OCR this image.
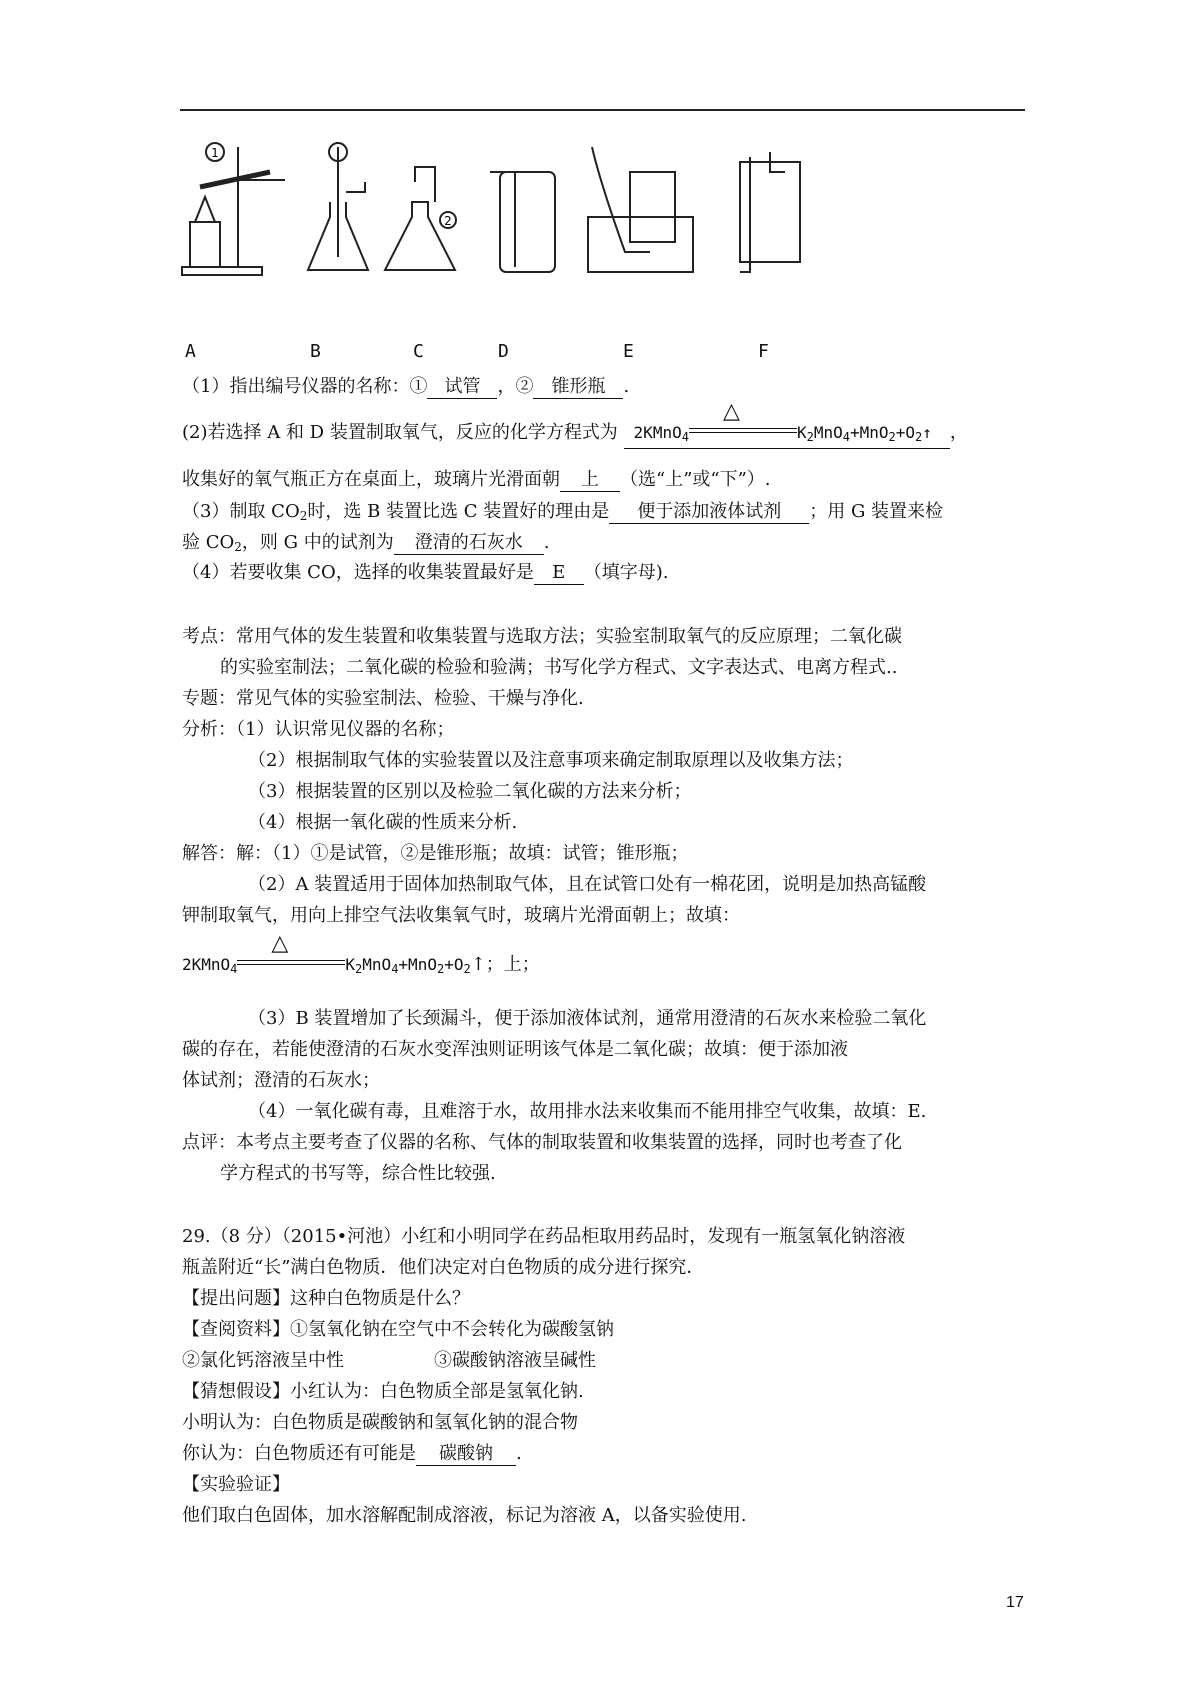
1
2
A	B	C	D	E	F
（1）指出编号仪器的名称：① 试管 ，② 锥形瓶 .
(2)若选择 A 和 D 装置制取氧气，反应的化学方程式为 2KMnO$_4$
△
$K_2MnO_4+MnO_2+O_2↑$ ，
收集好的氧气瓶正方在桌面上，玻璃片光滑面朝 上 （选“上”或“下”）.
（3）制取 $CO_2$时，选 B 装置比选 C 装置好的理由是 便于添加液体试剂 ；用 G 装置来检
验 $CO_2$，则 G 中的试剂为 澄清的石灰水 .
（4）若要收集 CO，选择的收集装置最好是 E （填字母).
考点：常用气体的发生装置和收集装置与选取方法；实验室制取氧气的反应原理；二氧化碳
的实验室制法；二氧化碳的检验和验满；书写化学方程式、文字表达式、电离方程式..
专题：常见气体的实验室制法、检验、干燥与净化.
分析：（1）认识常见仪器的名称；
（2）根据制取气体的实验装置以及注意事项来确定制取原理以及收集方法；
（3）根据装置的区别以及检验二氧化碳的方法来分析；
（4）根据一氧化碳的性质来分析.
解答：解：（1）①是试管，②是锥形瓶；故填：试管；锥形瓶；
（2）A 装置适用于固体加热制取气体，且在试管口处有一棉花团，说明是加热高锰酸
钾制取氧气，用向上排空气法收集氧气时，玻璃片光滑面朝上；故填：
2KMnO$_4$
△
$K_2MnO_4+MnO_2+O_2↑$；上；
（3）B 装置增加了长颈漏斗，便于添加液体试剂，通常用澄清的石灰水来检验二氧化
碳的存在，若能使澄清的石灰水变浑浊则证明该气体是二氧化碳；故填：便于添加液
体试剂；澄清的石灰水；
（4）一氧化碳有毒，且难溶于水，故用排水法来收集而不能用排空气收集，故填：E.
点评：本考点主要考查了仪器的名称、气体的制取装置和收集装置的选择，同时也考查了化
学方程式的书写等，综合性比较强.
29.（8 分）（2015•河池）小红和小明同学在药品柜取用药品时，发现有一瓶氢氧化钠溶液
瓶盖附近“长”满白色物质．他们决定对白色物质的成分进行探究．
【提出问题】这种白色物质是什么？
【查阅资料】①氢氧化钠在空气中不会转化为碳酸氢钠
②氯化钙溶液呈中性	③碳酸钠溶液呈碱性
【猜想假设】小红认为：白色物质全部是氢氧化钠.
小明认为：白色物质是碳酸钠和氢氧化钠的混合物
你认为：白色物质还有可能是 碳酸钠 .
【实验验证】
他们取白色固体，加水溶解配制成溶液，标记为溶液 A，以备实验使用.
17
